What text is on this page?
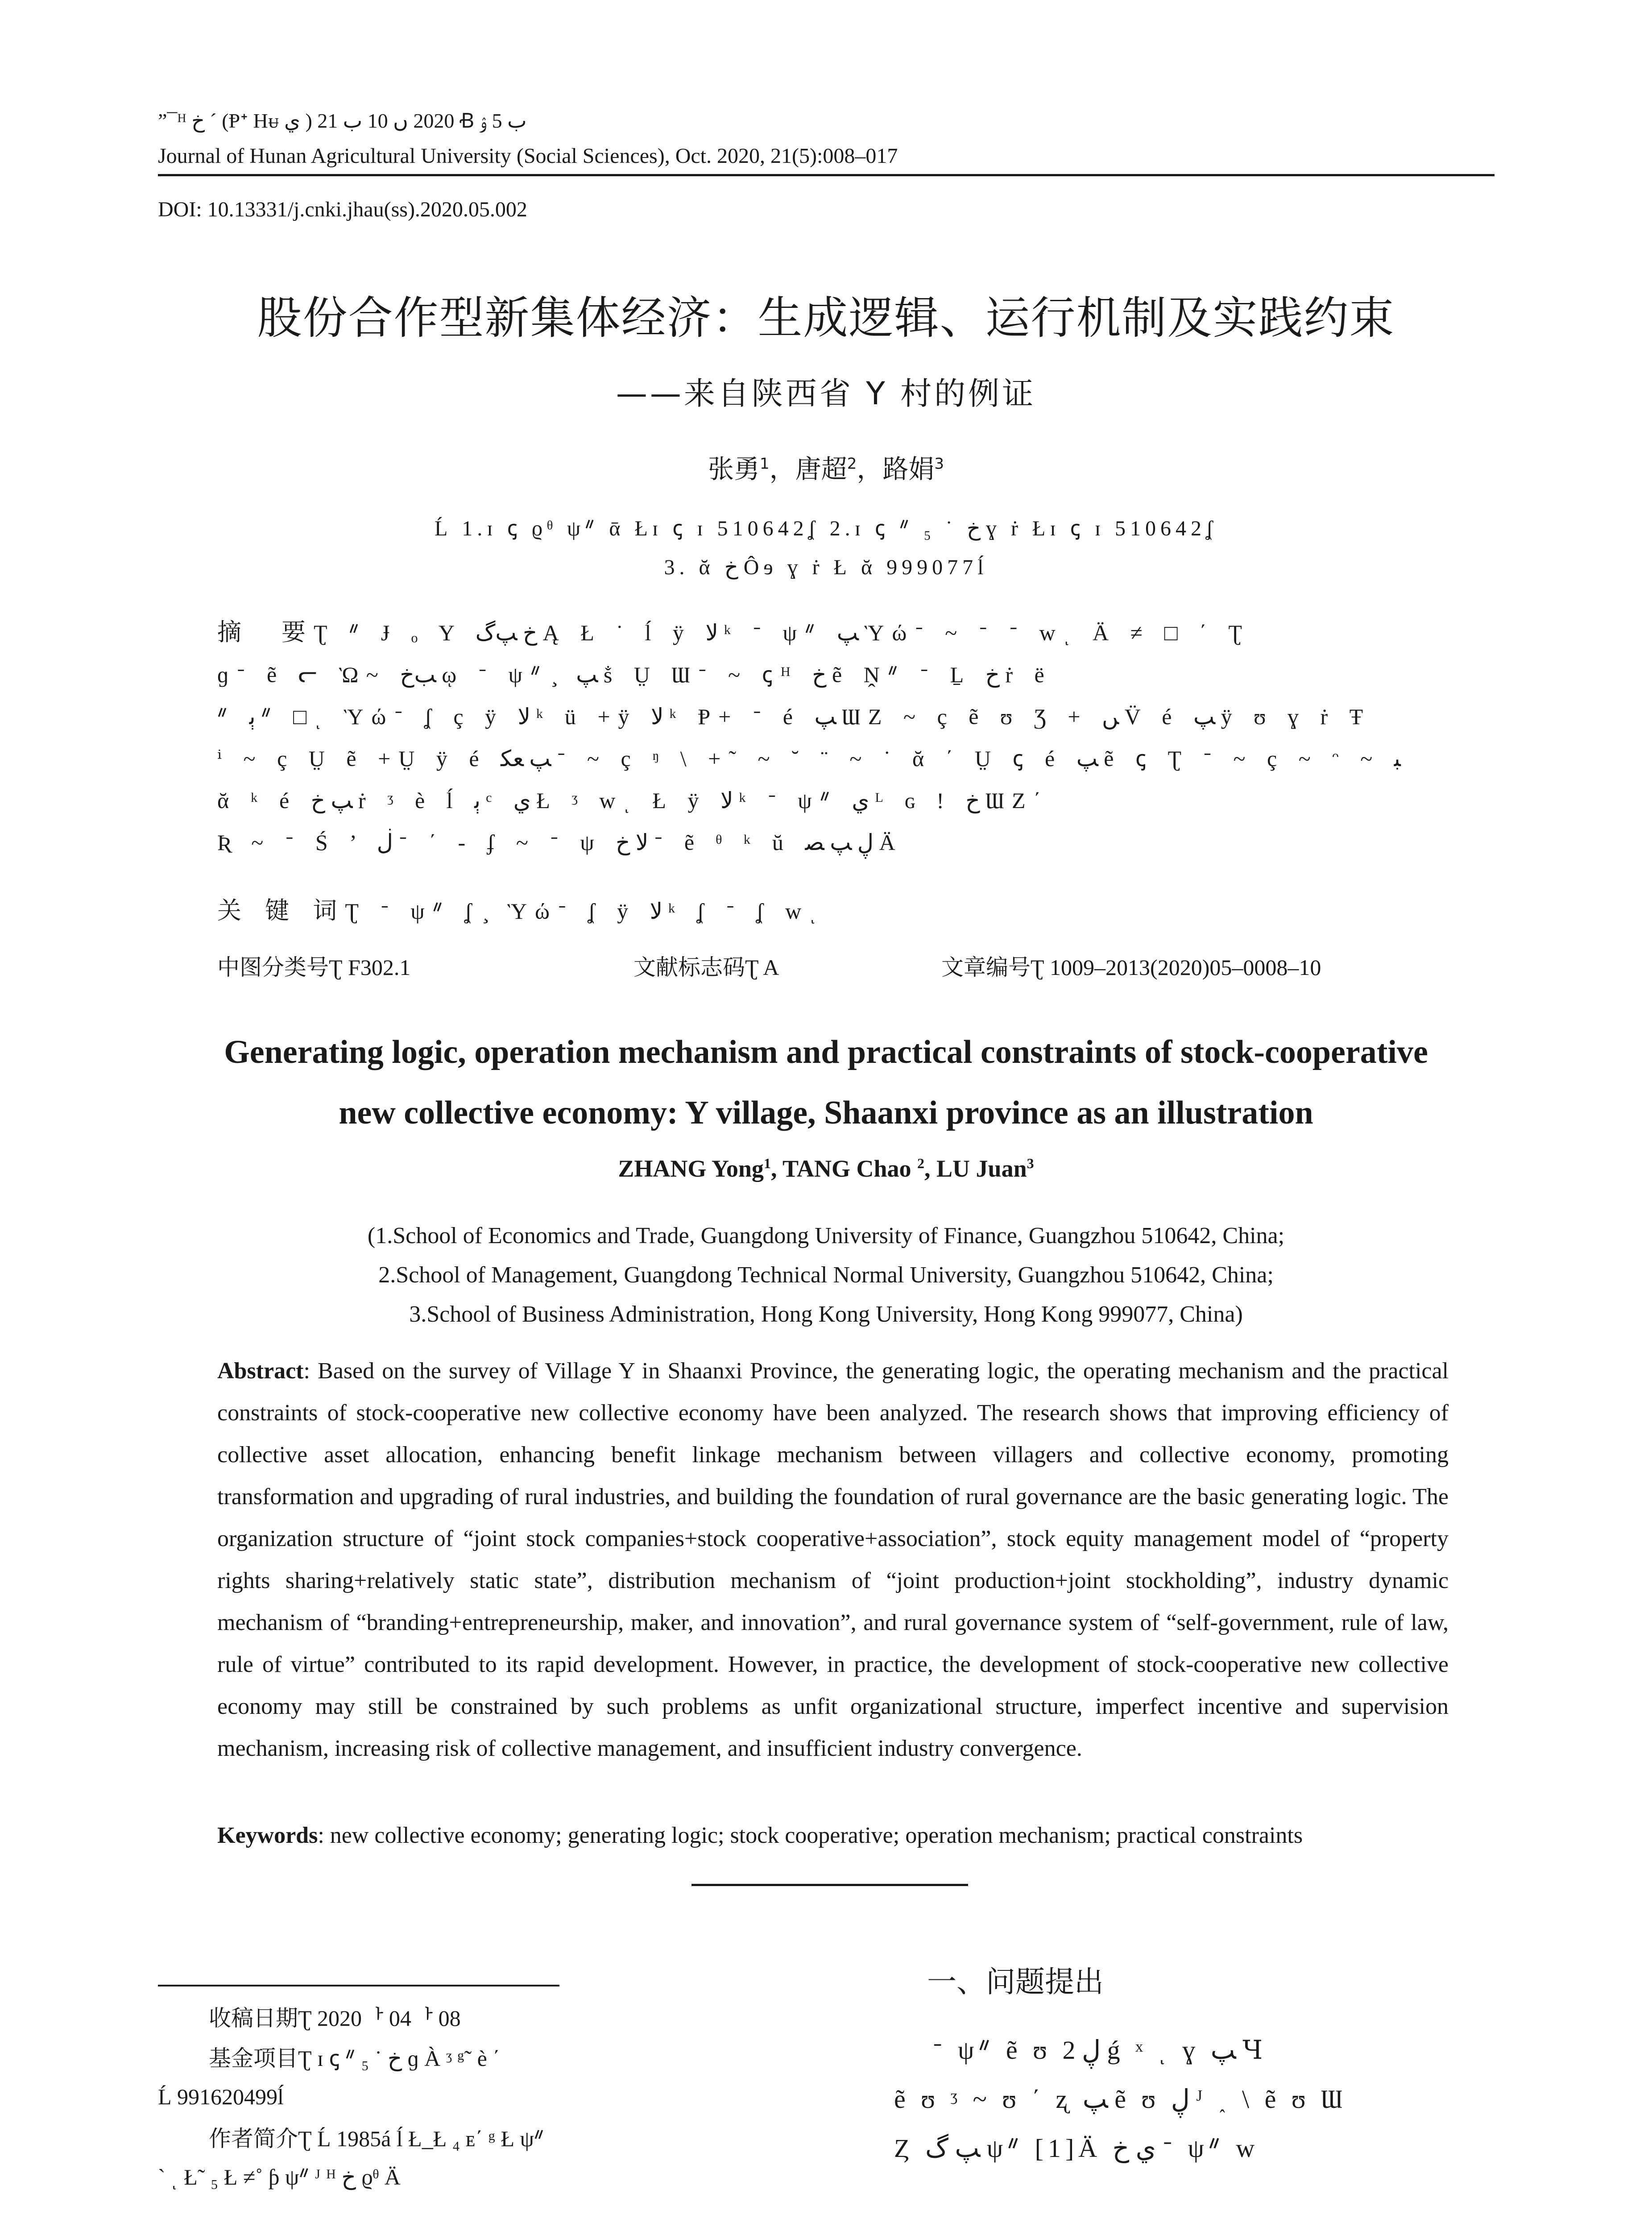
”¯ᴴ خ ˊ (Ᵽᐩ Hᵾ ي ) 2020 ں 10 ﺏ 21 Ꞗ ﺏ 5 ﯢ
Journal of Hunan Agricultural University (Social Sciences), Oct. 2020, 21(5):008–017
DOI: 10.13331/j.cnki.jhau(ss).2020.05.002
股份合作型新集体经济：生成逻辑、运行机制及实践约束
——来自陕西省 Y 村的例证
张勇$^1$，唐超$^2$，路娟$^3$
Ĺ 1.ɪ ꞔ ϱᶿ ψᐥ ᾱ Łɪ ꞔ ɪ 510642ʆ 2.ɪ ꞔ ᐥ ₅ ˙ خ ɣ ṙ Łɪ ꞔ ɪ 510642ʆ
3. ᾰ خ Ôɘ ɣ ṙ Ł ᾰ 999077ĺ
摘　要Ʈ ᐥ Ɉ ₒ Y خ ﭗگ Ą Ł ˙ ĺ ÿ ﻻ ᵏ ᐨ ψᐥ ﭗ Ὺώᐨ ~ ᐨ ᐨ wͺ Ä ≠ □ ΄ Ʈ
ɡᐨ ẽ ᓕ Ὼ~ ﺐخ ῳ ᐨ ψᐥ ̧ ﭗ ṧ Ṳ Ɯᐨ ~ ꞔᴴ خ ẽ Ṋᐥ ᐨ Ḻ خ ṙ ë
ᐥ ﭔ ᐥ □ͺ Ὺώᐨ ʆ ç ÿ ﻻ ᵏ ü +ÿ ﻻ ᵏ Ᵽ+ ᐨ é ﭗ ƜZ ~ ç ẽ ʊ Ʒ + ﮟ V̈ é ﭗ ÿ ʊ ɣ ṙ Ŧ
ⁱ ~ ç Ṳ ẽ +Ṳ ÿ é ﭗ ﻌﻜ ᐨ ~ ç ᵑ \ +˜ ~ ˘ ¨ ~ ˙ ᾰ ΄ Ṳ ꞔ é ﭗ ẽ ꞔ Ʈ ᐨ ~ ç ~ ᵔ ~ ﺒ
ᾰ ᵏ é ﭗ خ ṙ ᶾ è ĺ ﭔ ᶜ ي Ł ᶾ wͺ Ł ÿ ﻻ ᵏ ᐨ ψᐥ ي ᴸ ɢ ! خ ƜZ΄
Ʀ ~ ᐨ Ś ’ ڶ ᐨ ΄ - ʄ ~ ᐨ ψ ﻻ خ ᐨ ẽ ᶿ ᵏ ŭ ڸ ﭗ ﺼ Ä
关 键 词Ʈ ᐨ ψᐥ ʆ ̧ Ὺώᐨ ʆ ÿ ﻻ ᵏ ʆ ᐨ ʆ wͺ
中图分类号Ʈ F302.1	文献标志码Ʈ A	文章编号Ʈ 1009–2013(2020)05–0008–10
Generating logic, operation mechanism and practical constraints of stock-cooperative
new collective economy: Y village, Shaanxi province as an illustration
ZHANG Yong$^1$, TANG Chao $^2$, LU Juan$^3$
(1.School of Economics and Trade, Guangdong University of Finance, Guangzhou 510642, China;
2.School of Management, Guangdong Technical Normal University, Guangzhou 510642, China;
3.School of Business Administration, Hong Kong University, Hong Kong 999077, China)
Abstract: Based on the survey of Village Y in Shaanxi Province, the generating logic, the operating mechanism and the practical constraints of stock-cooperative new collective economy have been analyzed. The research shows that improving efficiency of collective asset allocation, enhancing benefit linkage mechanism between villagers and collective economy, promoting transformation and upgrading of rural industries, and building the foundation of rural governance are the basic generating logic. The organization structure of “joint stock companies+stock cooperative+association”, stock equity management model of “property rights sharing+relatively static state”, distribution mechanism of “joint production+joint stockholding”, industry dynamic mechanism of “branding+entrepreneurship, maker, and innovation”, and rural governance system of “self-government, rule of law, rule of virtue” contributed to its rapid development. However, in practice, the development of stock-cooperative new collective economy may still be constrained by such problems as unfit organizational structure, imperfect incentive and supervision mechanism, increasing risk of collective management, and insufficient industry convergence.
Keywords: new collective economy; generating logic; stock cooperative; operation mechanism; practical constraints
收稿日期Ʈ 2020ᅡ 04ᅡ 08
基金项目Ʈ ɪ ꞔ ᐥ ₅ ˙ خ ɡ À ᶾ ᵍ˜ è ΄
Ĺ 991620499ĺ
作者简介Ʈ Ĺ 1985á ĺ Ł_Ł ₄ ᴇ΄ ᵍ Ł ψᐥ
` ͺ Ł˜ ₅ Ł ≠˚ ƥ ψᐥ ᴶ ᴴ خ ϱᶿ Ä
一、问题提出
ᐨ ψᐥ ẽ ʊ ڸ 2 ǵ ˣ ͺ ɣ ﭗ Ɥ
ẽ ʊ ᶾ ~ ʊ ΄ ʐ ﭗ ẽ ʊ ڸ ᴶ ˰ \ ẽ ʊ Ɯ
Ȥ ﭗ گ ψᐥ [1]Ä ي خ ᐨ ψᐥ w
